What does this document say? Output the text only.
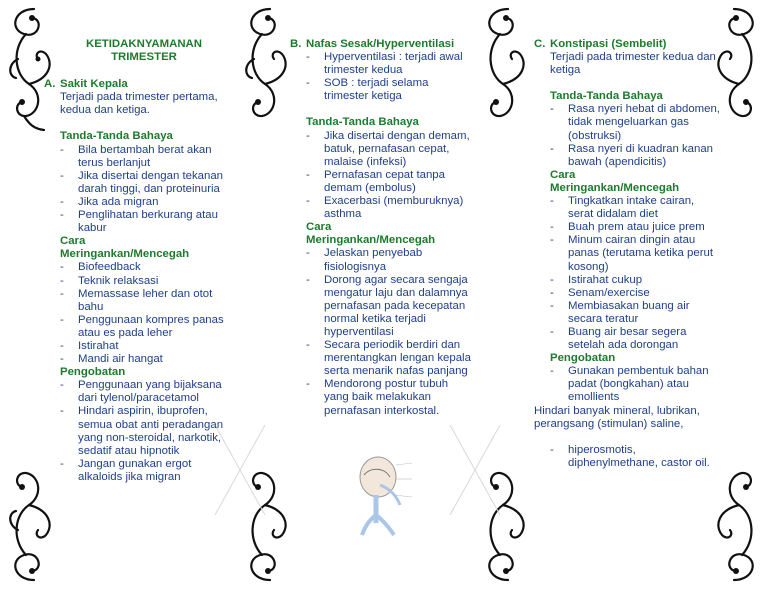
KETIDAKNYAMANAN
TRIMESTER
A. Sakit Kepala
Terjadi pada trimester pertama,
kedua dan ketiga.
Tanda-Tanda Bahaya
- Bila bertambah berat akan
terus berlanjut
- Jika disertai dengan tekanan
darah tinggi, dan proteinuria
- Jika ada migran
- Penglihatan berkurang atau
kabur
Cara
Meringankan/Mencegah
- Biofeedback
- Teknik relaksasi
- Memassase leher dan otot
bahu
- Penggunaan kompres panas
atau es pada leher
- Istirahat
- Mandi air hangat
Pengobatan
- Penggunaan yang bijaksana
dari tylenol/paracetamol
- Hindari aspirin, ibuprofen,
semua obat anti peradangan
yang non-steroidal, narkotik,
sedatif atau hipnotik
- Jangan gunakan ergot
alkaloids jika migran
B. Nafas Sesak/Hyperventilasi
- Hyperventilasi : terjadi awal
trimester kedua
- SOB : terjadi selama
trimester ketiga
Tanda-Tanda Bahaya
- Jika disertai dengan demam,
batuk, pernafasan cepat,
malaise (infeksi)
- Pernafasan cepat tanpa
demam (embolus)
- Exacerbasi (memburuknya)
asthma
Cara
Meringankan/Mencegah
- Jelaskan penyebab
fisiologisnya
- Dorong agar secara sengaja
mengatur laju dan dalamnya
pernafasan pada kecepatan
normal ketika terjadi
hyperventilasi
- Secara periodik berdiri dan
merentangkan lengan kepala
serta menarik nafas panjang
- Mendorong postur tubuh
yang baik melakukan
pernafasan interkostal.
C. Konstipasi (Sembelit)
Terjadi pada trimester kedua dan
ketiga
Tanda-Tanda Bahaya
- Rasa nyeri hebat di abdomen,
tidak mengeluarkan gas
(obstruksi)
- Rasa nyeri di kuadran kanan
bawah (apendicitis)
Cara
Meringankan/Mencegah
- Tingkatkan intake cairan,
serat didalam diet
- Buah prem atau juice prem
- Minum cairan dingin atau
panas (terutama ketika perut
kosong)
- Istirahat cukup
- Senam/exercise
- Membiasakan buang air
secara teratur
- Buang air besar segera
setelah ada dorongan
Pengobatan
- Gunakan pembentuk bahan
padat (bongkahan) atau
emollients
Hindari banyak mineral, lubrikan,
perangsang (stimulan) saline,
- hiperosmotis,
diphenylmethane, castor oil.
